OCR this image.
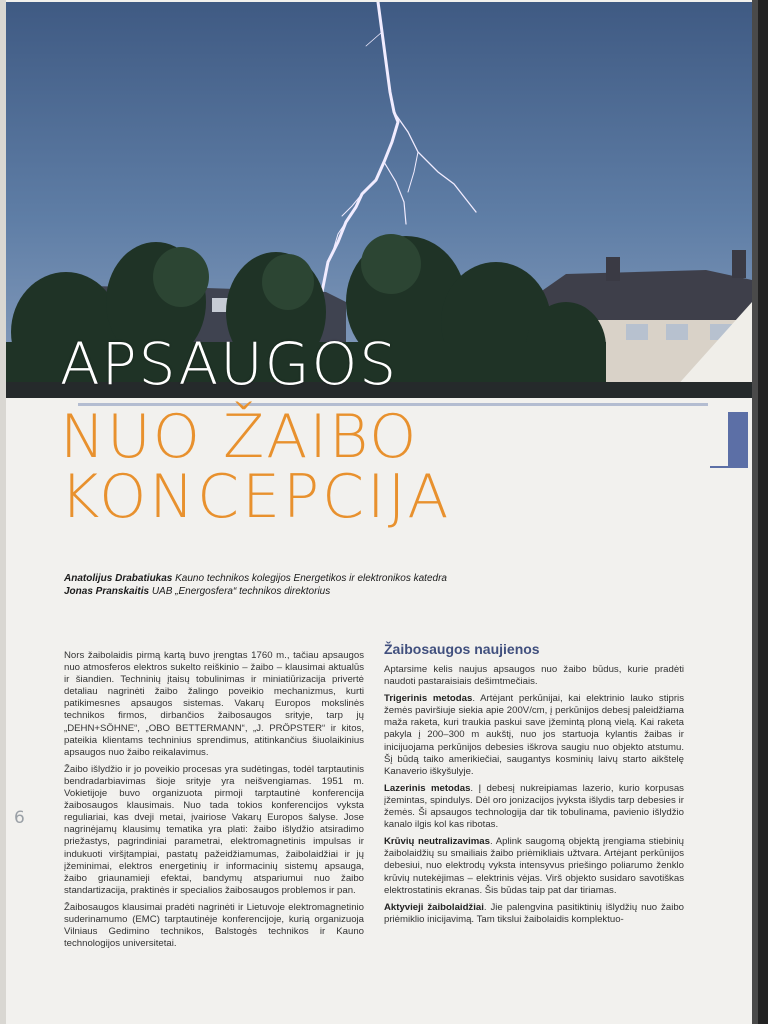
APSAUGOS
NUO ŽAIBO
KONCEPCIJA
Anatolijus Drabatiukas Kauno technikos kolegijos Energetikos ir elektronikos katedra
Jonas Pranskaitis UAB „Energosfera“ technikos direktorius

Nors žaibolaidis pirmą kartą buvo įrengtas 1760 m., tačiau apsaugos nuo atmosferos elektros sukelto reiškinio – žaibo – klausimai aktualūs ir šiandien. Techninių įtaisų tobulinimas ir miniatiūrizacija privertė detaliau nagrinėti žaibo žalingo poveikio mechanizmus, kurti patikimesnes apsaugos sistemas. Vakarų Europos mokslinės technikos firmos, dirbančios žaibosaugos srityje, tarp jų „DEHN+SÖHNE“, „OBO BETTERMANN“, „J. PRÖPSTER“ ir kitos, pateikia klientams techninius sprendimus, atitinkančius šiuolaikinius apsaugos nuo žaibo reikalavimus.

Žaibo išlydžio ir jo poveikio procesas yra sudėtingas, todėl tarptautinis bendradarbiavimas šioje srityje yra neišvengiamas. 1951 m. Vokietijoje buvo organizuota pirmoji tarptautinė konferencija žaibosaugos klausimais. Nuo tada tokios konferencijos vyksta reguliariai, kas dveji metai, įvairiose Vakarų Europos šalyse. Jose nagrinėjamų klausimų tematika yra plati: žaibo išlydžio atsiradimo priežastys, pagrindiniai parametrai, elektromagnetinis impulsas ir indukuoti viršįtampiai, pastatų pažeidžiamumas, žaibolaidžiai ir jų įžeminimai, elektros energetinių ir informacinių sistemų apsauga, žaibo griaunamieji efektai, bandymų atspariumui nuo žaibo standartizacija, praktinės ir specialios žaibosaugos problemos ir pan.

Žaibosaugos klausimai pradėti nagrinėti ir Lietuvoje elektromagnetinio suderinamumo (EMC) tarptautinėje konferencijoje, kurią organizuoja Vilniaus Gedimino technikos, Balstogės technikos ir Kauno technologijos universitetai.

Žaibosaugos naujienos

Aptarsime kelis naujus apsaugos nuo žaibo būdus, kurie pradėti naudoti pastaraisiais dešimtmečiais.

Trigerinis metodas. Artėjant perkūnijai, kai elektrinio lauko stipris žemės paviršiuje siekia apie 200V/cm, į perkūnijos debesį paleidžiama maža raketa, kuri traukia paskui save įžemintą ploną vielą. Kai raketa pakyla į 200–300 m aukštį, nuo jos startuoja kylantis žaibas ir inicijuojama perkūnijos debesies iškrova saugiu nuo objekto atstumu. Šį būdą taiko amerikiečiai, saugantys kosminių laivų starto aikštelę Kanaverio iškyšulyje.

Lazerinis metodas. Į debesį nukreipiamas lazerio, kurio korpusas įžemintas, spindulys. Dėl oro jonizacijos įvyksta išlydis tarp debesies ir žemės. Ši apsaugos technologija dar tik tobulinama, pavienio išlydžio kanalo ilgis kol kas ribotas.

Krūvių neutralizavimas. Aplink saugomą objektą įrengiama stiebinių žaibolaidžių su smailiais žaibo priėmikliais užtvara. Artėjant perkūnijos debesiui, nuo elektrodų vyksta intensyvus priešingo poliarumo ženklo krūvių nutekėjimas – elektrinis vėjas. Virš objekto susidaro savotiškas elektrostatinis ekranas. Šis būdas taip pat dar tiriamas.

Aktyvieji žaibolaidžiai. Jie palengvina pasitiktinių išlydžių nuo žaibo priėmiklio inicijavimą. Tam tikslui žaibolaidis komplektuo-

6
